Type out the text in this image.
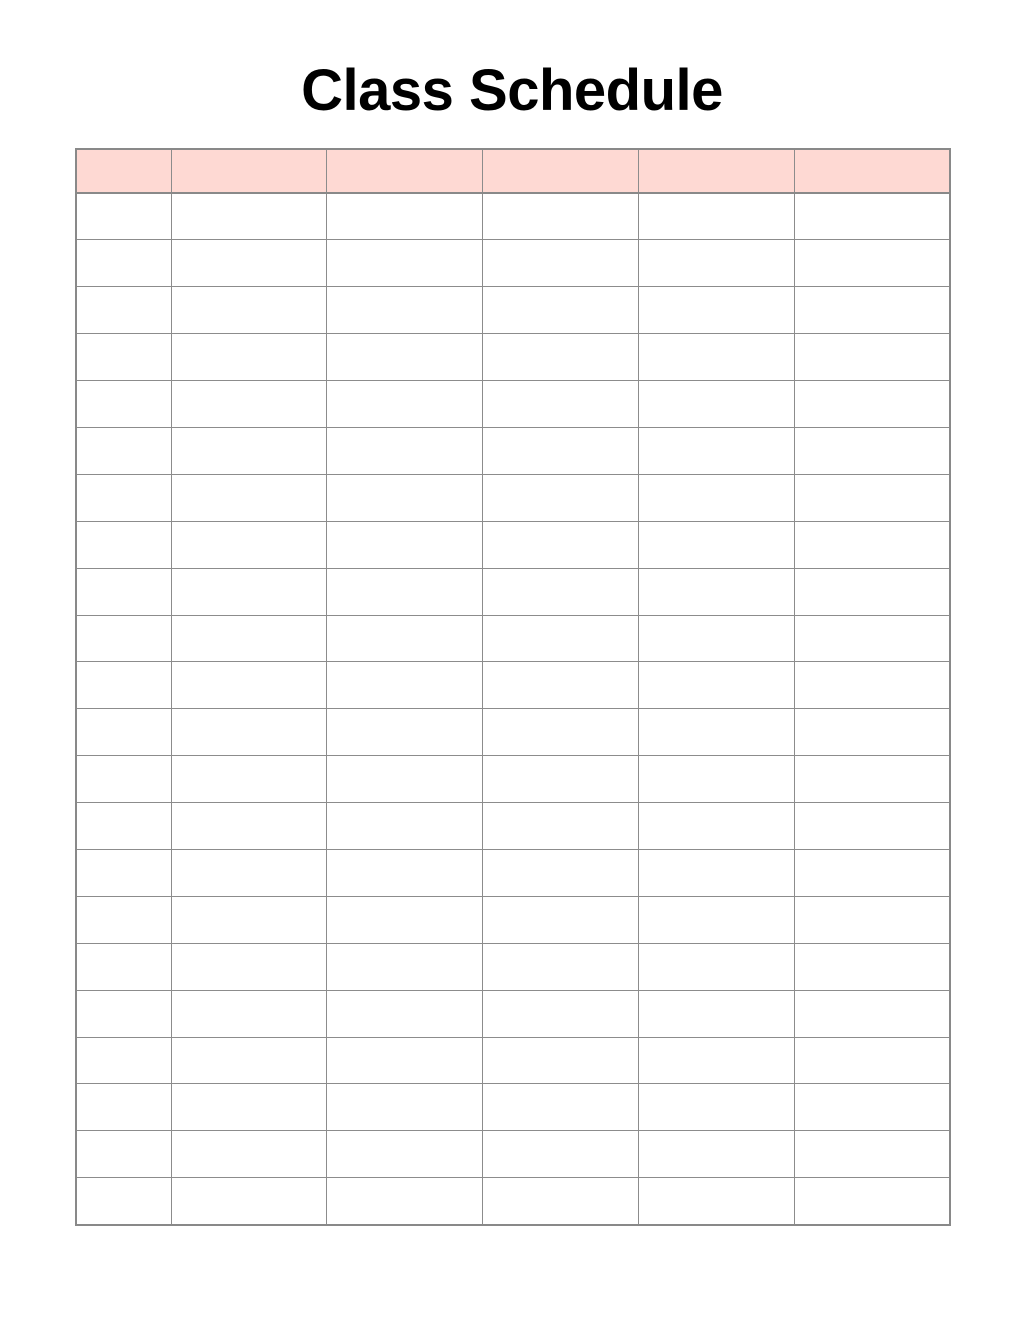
Class Schedule
